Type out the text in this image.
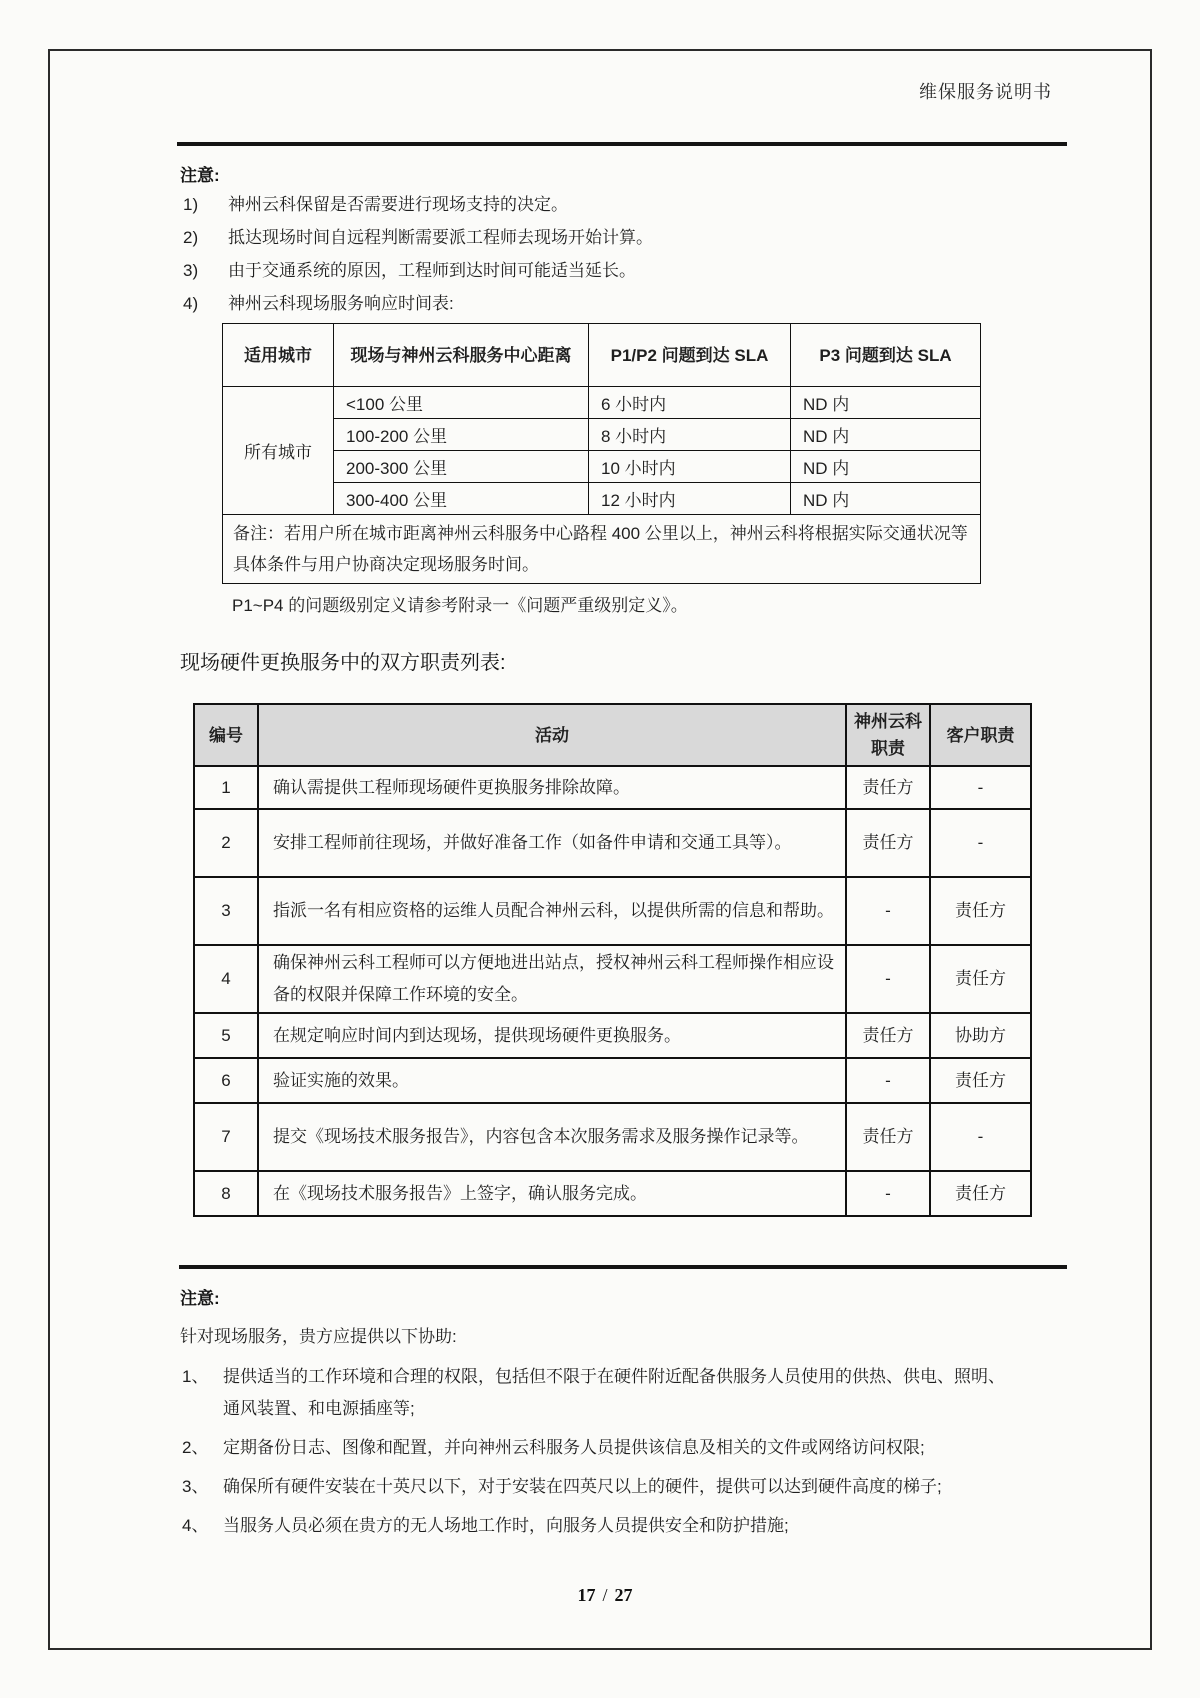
维保服务说明书
注意:
1)	神州云科保留是否需要进行现场支持的决定。
2)	抵达现场时间自远程判断需要派工程师去现场开始计算。
3)	由于交通系统的原因，工程师到达时间可能适当延长。
4)	神州云科现场服务响应时间表:
适用城市	现场与神州云科服务中心距离	P1/P2 问题到达 SLA	P3 问题到达 SLA
所有城市	<100 公里	6 小时内	ND 内
	100-200 公里	8 小时内	ND 内
	200-300 公里	10 小时内	ND 内
	300-400 公里	12 小时内	ND 内
备注：若用户所在城市距离神州云科服务中心路程 400 公里以上，神州云科将根据实际交通状况等具体条件与用户协商决定现场服务时间。			
P1~P4 的问题级别定义请参考附录一《问题严重级别定义》。
现场硬件更换服务中的双方职责列表:
编号	活动	神州云科职责	客户职责
1	确认需提供工程师现场硬件更换服务排除故障。	责任方	-
2	安排工程师前往现场，并做好准备工作（如备件申请和交通工具等）。	责任方	-
3	指派一名有相应资格的运维人员配合神州云科，以提供所需的信息和帮助。	-	责任方
4	确保神州云科工程师可以方便地进出站点，授权神州云科工程师操作相应设备的权限并保障工作环境的安全。	-	责任方
5	在规定响应时间内到达现场，提供现场硬件更换服务。	责任方	协助方
6	验证实施的效果。	-	责任方
7	提交《现场技术服务报告》，内容包含本次服务需求及服务操作记录等。	责任方	-
8	在《现场技术服务报告》上签字，确认服务完成。	-	责任方
注意:
针对现场服务，贵方应提供以下协助:
1、 提供适当的工作环境和合理的权限，包括但不限于在硬件附近配备供服务人员使用的供热、供电、照明、通风装置、和电源插座等;
2、 定期备份日志、图像和配置，并向神州云科服务人员提供该信息及相关的文件或网络访问权限;
3、 确保所有硬件安装在十英尺以下，对于安装在四英尺以上的硬件，提供可以达到硬件高度的梯子;
4、 当服务人员必须在贵方的无人场地工作时，向服务人员提供安全和防护措施;
17 / 27
